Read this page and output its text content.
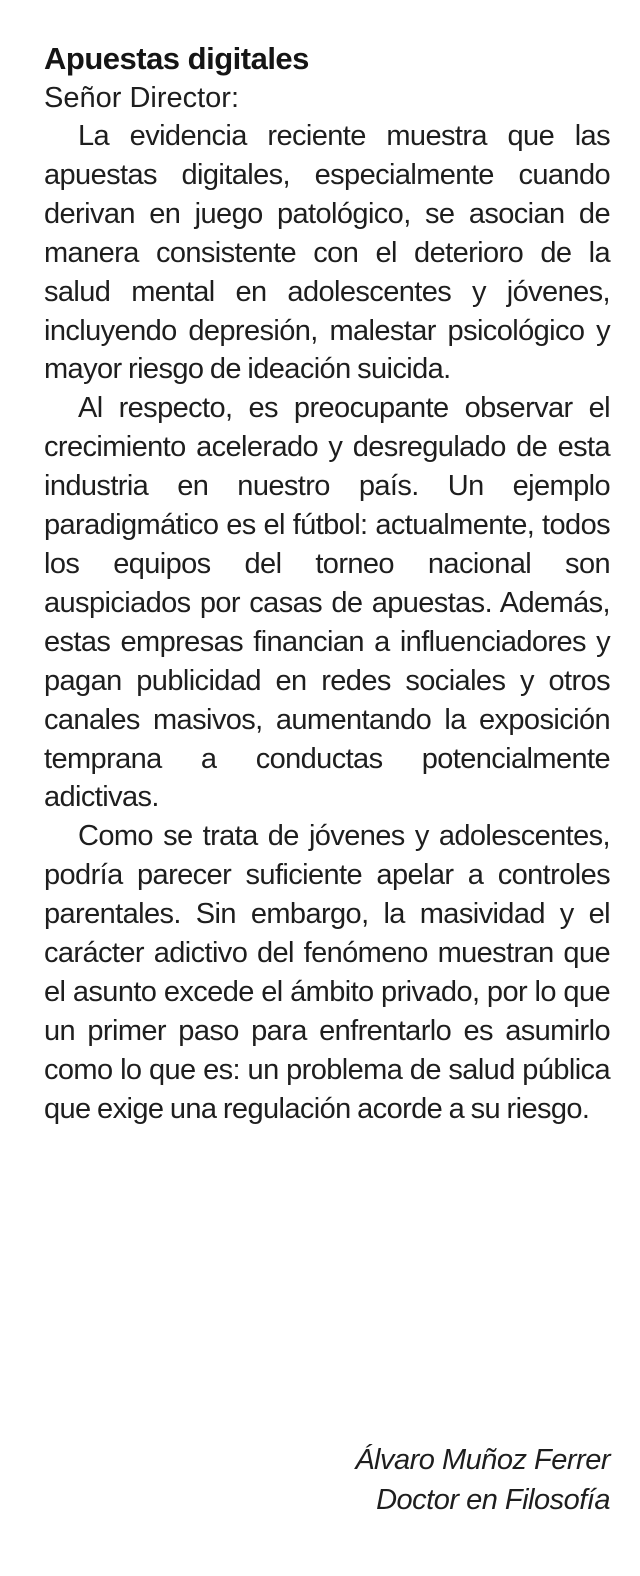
Apuestas digitales

Señor Director:

La evidencia reciente muestra que las apuestas digitales, especialmente cuando derivan en juego patológico, se asocian de manera consistente con el deterioro de la salud mental en adolescentes y jóvenes, incluyendo depresión, malestar psicológico y mayor riesgo de ideación suicida.

Al respecto, es preocupante observar el crecimiento acelerado y desregulado de esta industria en nuestro país. Un ejemplo paradigmático es el fútbol: actualmente, todos los equipos del torneo nacional son auspiciados por casas de apuestas. Además, estas empresas financian a influenciadores y pagan publicidad en redes sociales y otros canales masivos, aumentando la exposición temprana a conductas potencialmente adictivas.

Como se trata de jóvenes y adolescentes, podría parecer suficiente apelar a controles parentales. Sin embargo, la masividad y el carácter adictivo del fenómeno muestran que el asunto excede el ámbito privado, por lo que un primer paso para enfrentarlo es asumirlo como lo que es: un problema de salud pública que exige una regulación acorde a su riesgo.

Álvaro Muñoz Ferrer
Doctor en Filosofía
